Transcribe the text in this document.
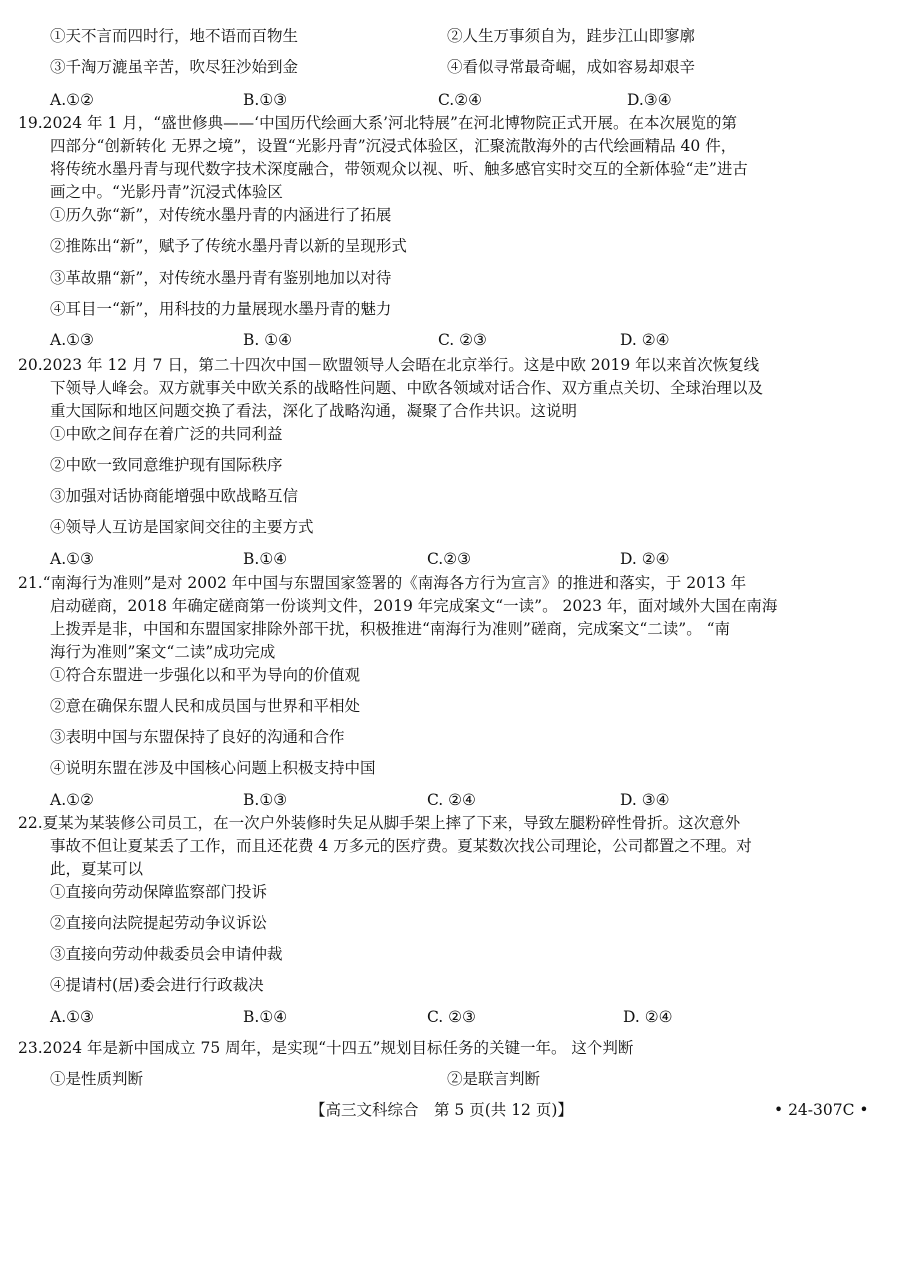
①天不言而四时行，地不语而百物生	②人生万事须自为，跬步江山即寥廓
③千淘万漉虽辛苦，吹尽狂沙始到金	④看似寻常最奇崛，成如容易却艰辛
A.①②	B.①③	C.②④	D.③④
19.2024 年 1 月，“盛世修典——‘中国历代绘画大系’河北特展”在河北博物院正式开展。在本次展览的第
四部分“创新转化 无界之境”，设置“光影丹青”沉浸式体验区，汇聚流散海外的古代绘画精品 40 件，
将传统水墨丹青与现代数字技术深度融合，带领观众以视、听、触多感官实时交互的全新体验“走”进古
画之中。“光影丹青”沉浸式体验区
①历久弥“新”，对传统水墨丹青的内涵进行了拓展
②推陈出“新”，赋予了传统水墨丹青以新的呈现形式
③革故鼎“新”，对传统水墨丹青有鉴别地加以对待
④耳目一“新”，用科技的力量展现水墨丹青的魅力
A.①③	B. ①④	C. ②③	D. ②④
20.2023 年 12 月 7 日，第二十四次中国－欧盟领导人会晤在北京举行。这是中欧 2019 年以来首次恢复线
下领导人峰会。双方就事关中欧关系的战略性问题、中欧各领域对话合作、双方重点关切、全球治理以及
重大国际和地区问题交换了看法，深化了战略沟通，凝聚了合作共识。这说明
①中欧之间存在着广泛的共同利益
②中欧一致同意维护现有国际秩序
③加强对话协商能增强中欧战略互信
④领导人互访是国家间交往的主要方式
A.①③	B.①④	C.②③	D. ②④
21.“南海行为准则”是对 2002 年中国与东盟国家签署的《南海各方行为宣言》的推进和落实，于 2013 年
启动磋商，2018 年确定磋商第一份谈判文件，2019 年完成案文“一读”。 2023 年，面对域外大国在南海
上拨弄是非，中国和东盟国家排除外部干扰，积极推进“南海行为准则”磋商，完成案文“二读”。 “南
海行为准则”案文“二读”成功完成
①符合东盟进一步强化以和平为导向的价值观
②意在确保东盟人民和成员国与世界和平相处
③表明中国与东盟保持了良好的沟通和合作
④说明东盟在涉及中国核心问题上积极支持中国
A.①②	B.①③	C. ②④	D. ③④
22.夏某为某装修公司员工，在一次户外装修时失足从脚手架上摔了下来，导致左腿粉碎性骨折。这次意外
事故不但让夏某丢了工作，而且还花费 4 万多元的医疗费。夏某数次找公司理论，公司都置之不理。对
此，夏某可以
①直接向劳动保障监察部门投诉
②直接向法院提起劳动争议诉讼
③直接向劳动仲裁委员会申请仲裁
④提请村(居)委会进行行政裁决
A.①③	B.①④	C. ②③	D. ②④
23.2024 年是新中国成立 75 周年，是实现“十四五”规划目标任务的关键一年。 这个判断
①是性质判断	②是联言判断
【高三文科综合　第 5 页(共 12 页)】	• 24-307C •
